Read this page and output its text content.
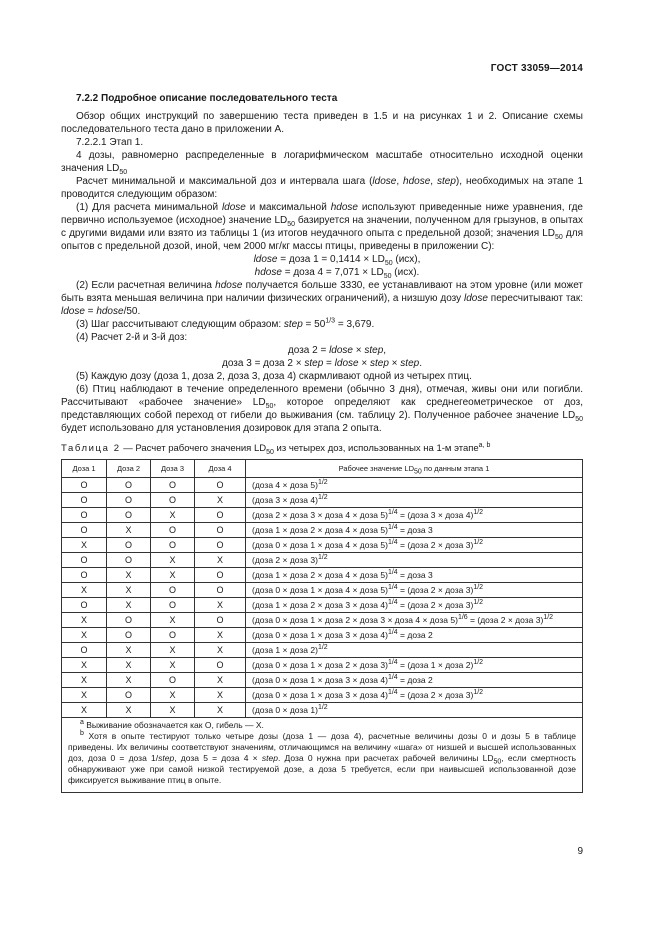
ГОСТ 33059—2014

7.2.2 Подробное описание последовательного теста

Обзор общих инструкций по завершению теста приведен в 1.5 и на рисунках 1 и 2. Описание схемы последовательного теста дано в приложении А.

7.2.2.1 Этап 1.

4 дозы, равномерно распределенные в логарифмическом масштабе относительно исходной оценки значения $LD_{50}$

Расчет минимальной и максимальной доз и интервала шага (ldose, hdose, step), необходимых на этапе 1 проводится следующим образом:

(1) Для расчета минимальной ldose и максимальной hdose используют приведенные ниже уравнения, где первично используемое (исходное) значение $LD_{50}$ базируется на значении, полученном для грызунов, в опытах с другими видами или взято из таблицы 1 (из итогов неудачного опыта с предельной дозой; значения $LD_{50}$ для опытов с предельной дозой, иной, чем 2000 мг/кг массы птицы, приведены в приложении С):

ldose = доза $1 = 0,1414 \times LD_{50}$ (исх),

hdose = доза $4 = 7,071 \times LD_{50}$ (исх).

(2) Если расчетная величина hdose получается больше 3330, ее устанавливают на этом уровне (или может быть взята меньшая величина при наличии физических ограничений), а низшую дозу ldose пересчитывают так: ldose = hdose/50.

(3) Шаг рассчитывают следующим образом: step = $50^{1/3} = 3,679$.

(4) Расчет 2-й и 3-й доз:

доза 2 = ldose × step,

доза 3 = доза 2 × step = ldose × step × step.

(5) Каждую дозу (доза 1, доза 2, доза 3, доза 4) скармливают одной из четырех птиц.

(6) Птиц наблюдают в течение определенного времени (обычно 3 дня), отмечая, живы они или погибли. Рассчитывают «рабочее значение» $LD_{50}$, которое определяют как среднегеометрическое от доз, представляющих собой переход от гибели до выживания (см. таблицу 2). Полученное рабочее значение $LD_{50}$ будет использовано для установления дозировок для этапа 2 опыта.

Таблица 2 — Расчет рабочего значения $LD_{50}$ из четырех доз, использованных на 1-м этапе$^{a, b}$

Доза 1	Доза 2	Доза 3	Доза 4	Рабочее значение $LD_{50}$ по данным этапа 1
O	O	O	O	(доза 4 × доза 5)$^{1/2}$
O	O	O	X	(доза 3 × доза 4)$^{1/2}$
O	O	X	O	(доза 2 × доза 3 × доза 4 × доза 5)$^{1/4}$ = (доза 3 × доза 4)$^{1/2}$
O	X	O	O	(доза 1 × доза 2 × доза 4 × доза 5)$^{1/4}$ = доза 3
X	O	O	O	(доза 0 × доза 1 × доза 4 × доза 5)$^{1/4}$ = (доза 2 × доза 3)$^{1/2}$
O	O	X	X	(доза 2 × доза 3)$^{1/2}$
O	X	X	O	(доза 1 × доза 2 × доза 4 × доза 5)$^{1/4}$ = доза 3
X	X	O	O	(доза 0 × доза 1 × доза 4 × доза 5)$^{1/4}$ = (доза 2 × доза 3)$^{1/2}$
O	X	O	X	(доза 1 × доза 2 × доза 3 × доза 4)$^{1/4}$ = (доза 2 × доза 3)$^{1/2}$
X	O	X	O	(доза 0 × доза 1 × доза 2 × доза 3 × доза 4 × доза 5)$^{1/6}$ = (доза 2 × доза 3)$^{1/2}$
X	O	O	X	(доза 0 × доза 1 × доза 3 × доза 4)$^{1/4}$ = доза 2
O	X	X	X	(доза 1 × доза 2)$^{1/2}$
X	X	X	O	(доза 0 × доза 1 × доза 2 × доза 3)$^{1/4}$ = (доза 1 × доза 2)$^{1/2}$
X	X	O	X	(доза 0 × доза 1 × доза 3 × доза 4)$^{1/4}$ = доза 2
X	O	X	X	(доза 0 × доза 1 × доза 3 × доза 4)$^{1/4}$ = (доза 2 × доза 3)$^{1/2}$
X	X	X	X	(доза 0 × доза 1)$^{1/2}$

$^a$ Выживание обозначается как О, гибель — X.

$^b$ Хотя в опыте тестируют только четыре дозы (доза 1 — доза 4), расчетные величины дозы 0 и дозы 5 в таблице приведены. Их величины соответствуют значениям, отличающимся на величину «шага» от низшей и высшей использованных доз, доза 0 = доза 1/step, доза 5 = доза 4 × step. Доза 0 нужна при расчетах рабочей величины $LD_{50}$, если смертность обнаруживают уже при самой низкой тестируемой дозе, а доза 5 требуется, если при наивысшей использованной дозе фиксируется выживание птиц в опыте.				

9
